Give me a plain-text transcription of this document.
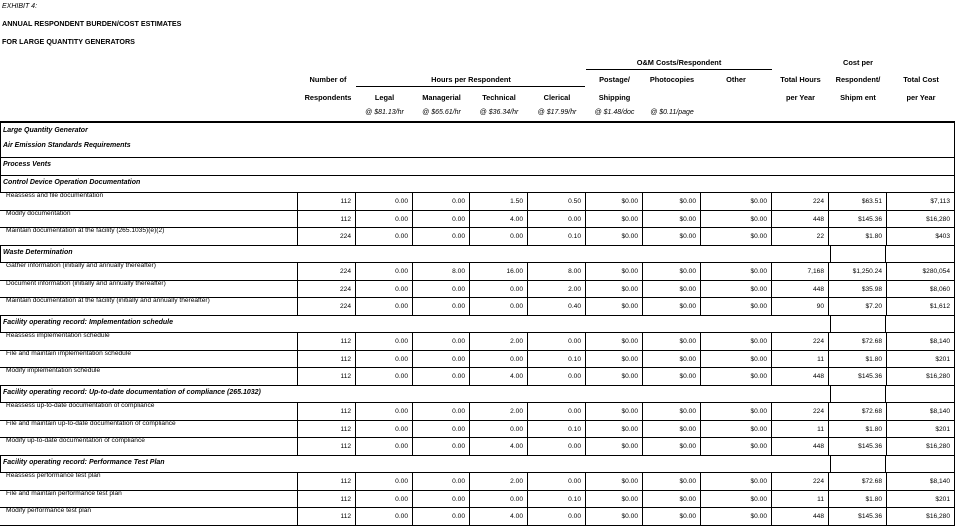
EXHIBIT 4:
ANNUAL RESPONDENT BURDEN/COST ESTIMATES
FOR LARGE QUANTITY GENERATORS
O&M Costs/Respondent	Cost per
Number of	Hours per Respondent	Postage/	Photocopies	Other	Total Hours	Respondent/	Total Cost
Respondents	Legal	Managerial	Technical	Clerical	Shipping	per Year	Shipm ent	per Year
@ $81.13/hr	@ $65.61/hr	@ $36.34/hr	@ $17.99/hr	@ $1.48/doc	@ $0.11/page
Large Quantity Generator
Air Emission Standards Requirements
Process Vents
Control Device Operation Documentation
Reassess and file documentation
112	0.00	0.00	1.50	0.50	$0.00	$0.00	$0.00	224	$63.51	$7,113
Modify documentation
112	0.00	0.00	4.00	0.00	$0.00	$0.00	$0.00	448	$145.36	$16,280
Maintain documentation at the facility (265.1035)(e)(2)
224	0.00	0.00	0.00	0.10	$0.00	$0.00	$0.00	22	$1.80	$403
Waste Determination
Gather information (initially and annually thereafter)
224	0.00	8.00	16.00	8.00	$0.00	$0.00	$0.00	7,168	$1,250.24	$280,054
Document information (initially and annually thereafter)
224	0.00	0.00	0.00	2.00	$0.00	$0.00	$0.00	448	$35.98	$8,060
Maintain documentation at the facility (initially and annually thereafter)
224	0.00	0.00	0.00	0.40	$0.00	$0.00	$0.00	90	$7.20	$1,612
Facility operating record: Implementation schedule
Reassess implementation schedule
112	0.00	0.00	2.00	0.00	$0.00	$0.00	$0.00	224	$72.68	$8,140
File and maintain implementation schedule
112	0.00	0.00	0.00	0.10	$0.00	$0.00	$0.00	11	$1.80	$201
Modify implementation schedule
112	0.00	0.00	4.00	0.00	$0.00	$0.00	$0.00	448	$145.36	$16,280
Facility operating record: Up-to-date documentation of compliance (265.1032)
Reassess up-to-date documentation of compliance
112	0.00	0.00	2.00	0.00	$0.00	$0.00	$0.00	224	$72.68	$8,140
File and maintain up-to-date documentation of compliance
112	0.00	0.00	0.00	0.10	$0.00	$0.00	$0.00	11	$1.80	$201
Modify up-to-date documentation of compliance
112	0.00	0.00	4.00	0.00	$0.00	$0.00	$0.00	448	$145.36	$16,280
Facility operating record: Performance Test Plan
Reassess performance test plan
112	0.00	0.00	2.00	0.00	$0.00	$0.00	$0.00	224	$72.68	$8,140
File and maintain performance test plan
112	0.00	0.00	0.00	0.10	$0.00	$0.00	$0.00	11	$1.80	$201
Modify performance test plan
112	0.00	0.00	4.00	0.00	$0.00	$0.00	$0.00	448	$145.36	$16,280
